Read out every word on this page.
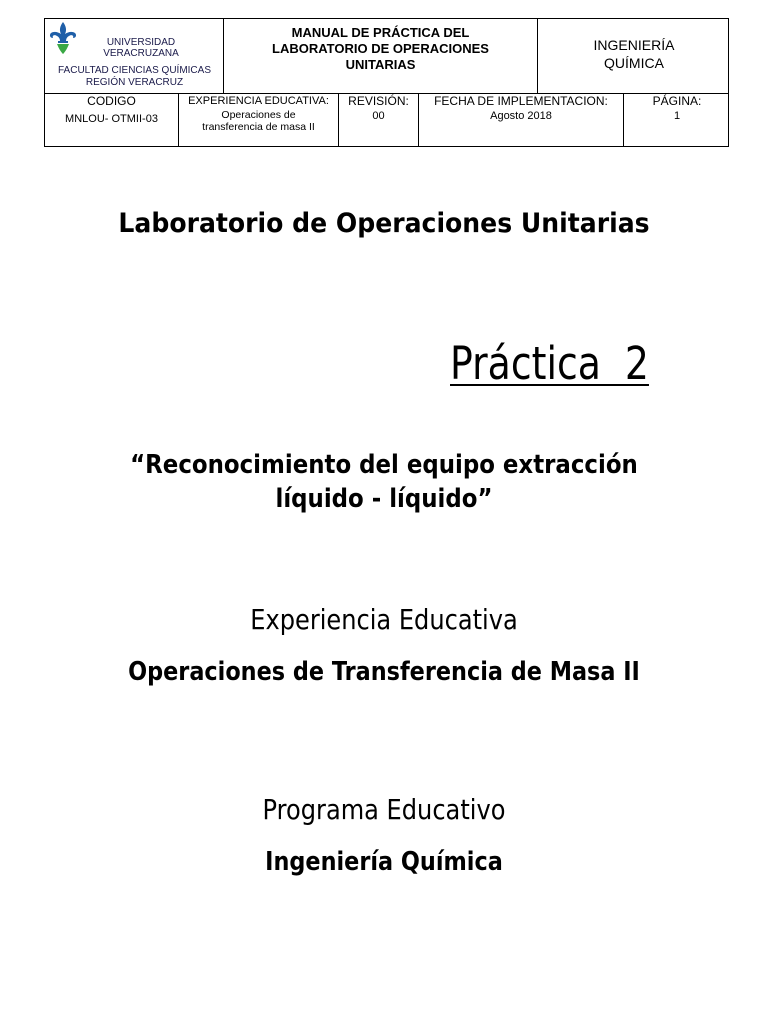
UNIVERSIDAD VERACRUZANA
FACULTAD CIENCIAS QUÍMICAS REGIÓN VERACRUZ
MANUAL DE PRÁCTICA DEL LABORATORIO DE OPERACIONES UNITARIAS
INGENIERÍA QUÍMICA
CODIGO
MNLOU- OTMII-03
EXPERIENCIA EDUCATIVA:
Operaciones de transferencia de masa II
REVISIÓN:
00
FECHA DE IMPLEMENTACION:
Agosto 2018
PÁGINA:
1
Laboratorio de Operaciones Unitarias
Práctica  2
“Reconocimiento del equipo extracción líquido - líquido”
Experiencia Educativa
Operaciones de Transferencia de Masa II
Programa Educativo
Ingeniería Química
